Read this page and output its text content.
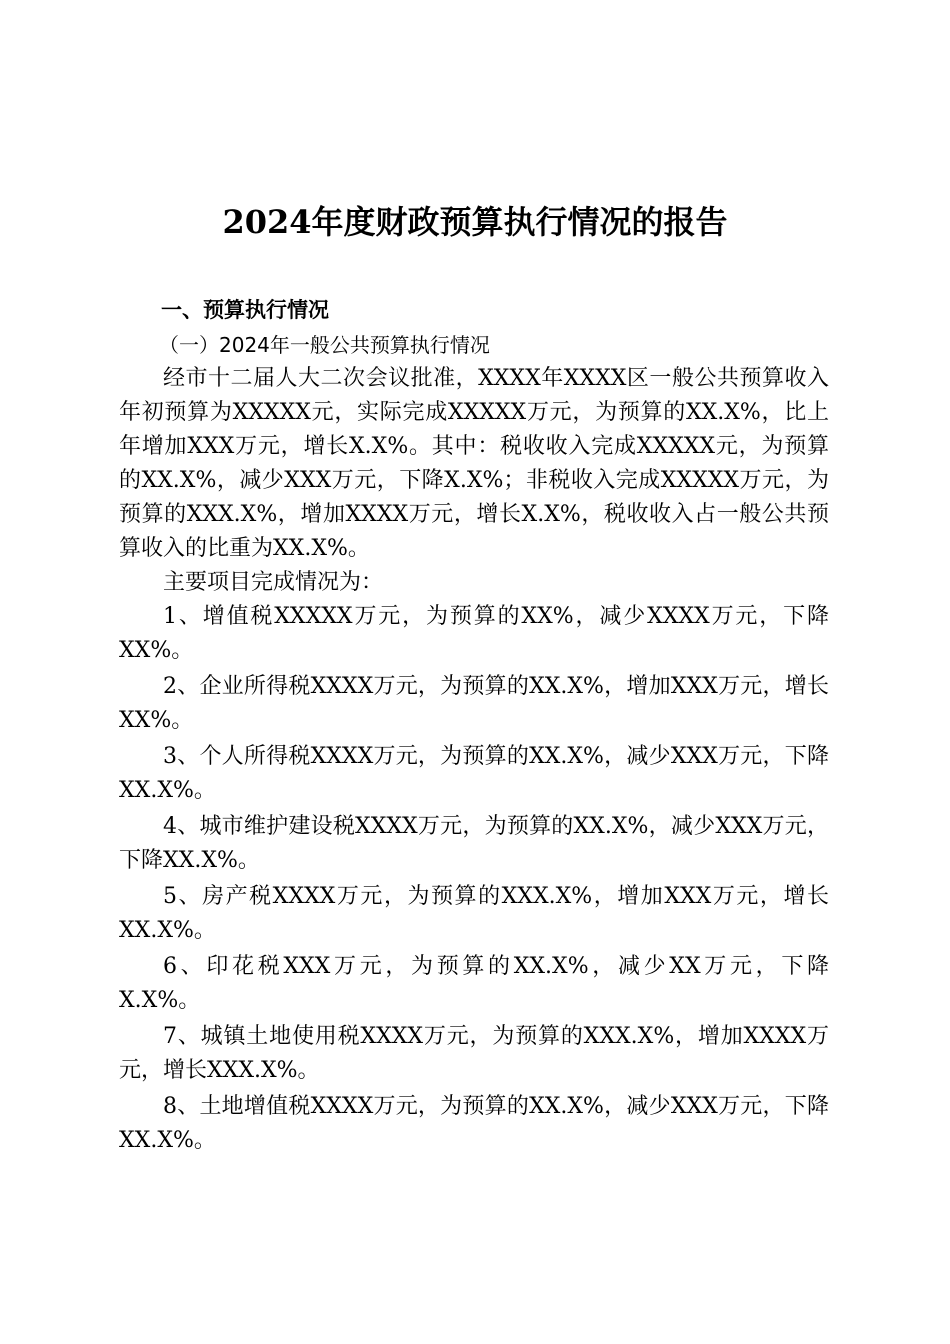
2024年度财政预算执行情况的报告

一、预算执行情况

（一）2024年一般公共预算执行情况

经市十二届人大二次会议批准，XXXX年XXXX区一般公共预算收入年初预算为XXXXX元，实际完成XXXXX万元，为预算的XX.X%，比上年增加XXX万元，增长X.X%。其中：税收收入完成XXXXX元，为预算的XX.X%，减少XXX万元，下降X.X%；非税收入完成XXXXX万元，为预算的XXX.X%，增加XXXX万元，增长X.X%，税收收入占一般公共预算收入的比重为XX.X%。

主要项目完成情况为：

1、增值税XXXXX万元，为预算的XX%，减少XXXX万元，下降XX%。

2、企业所得税XXXX万元，为预算的XX.X%，增加XXX万元，增长XX%。

3、个人所得税XXXX万元，为预算的XX.X%，减少XXX万元，下降XX.X%。

4、城市维护建设税XXXX万元，为预算的XX.X%，减少XXX万元，下降XX.X%。

5、房产税XXXX万元，为预算的XXX.X%，增加XXX万元，增长XX.X%。

6、印花税XXX万元，为预算的XX.X%，减少XX万元，下降X.X%。

7、城镇土地使用税XXXX万元，为预算的XXX.X%，增加XXXX万元，增长XXX.X%。

8、土地增值税XXXX万元，为预算的XX.X%，减少XXX万元，下降XX.X%。
